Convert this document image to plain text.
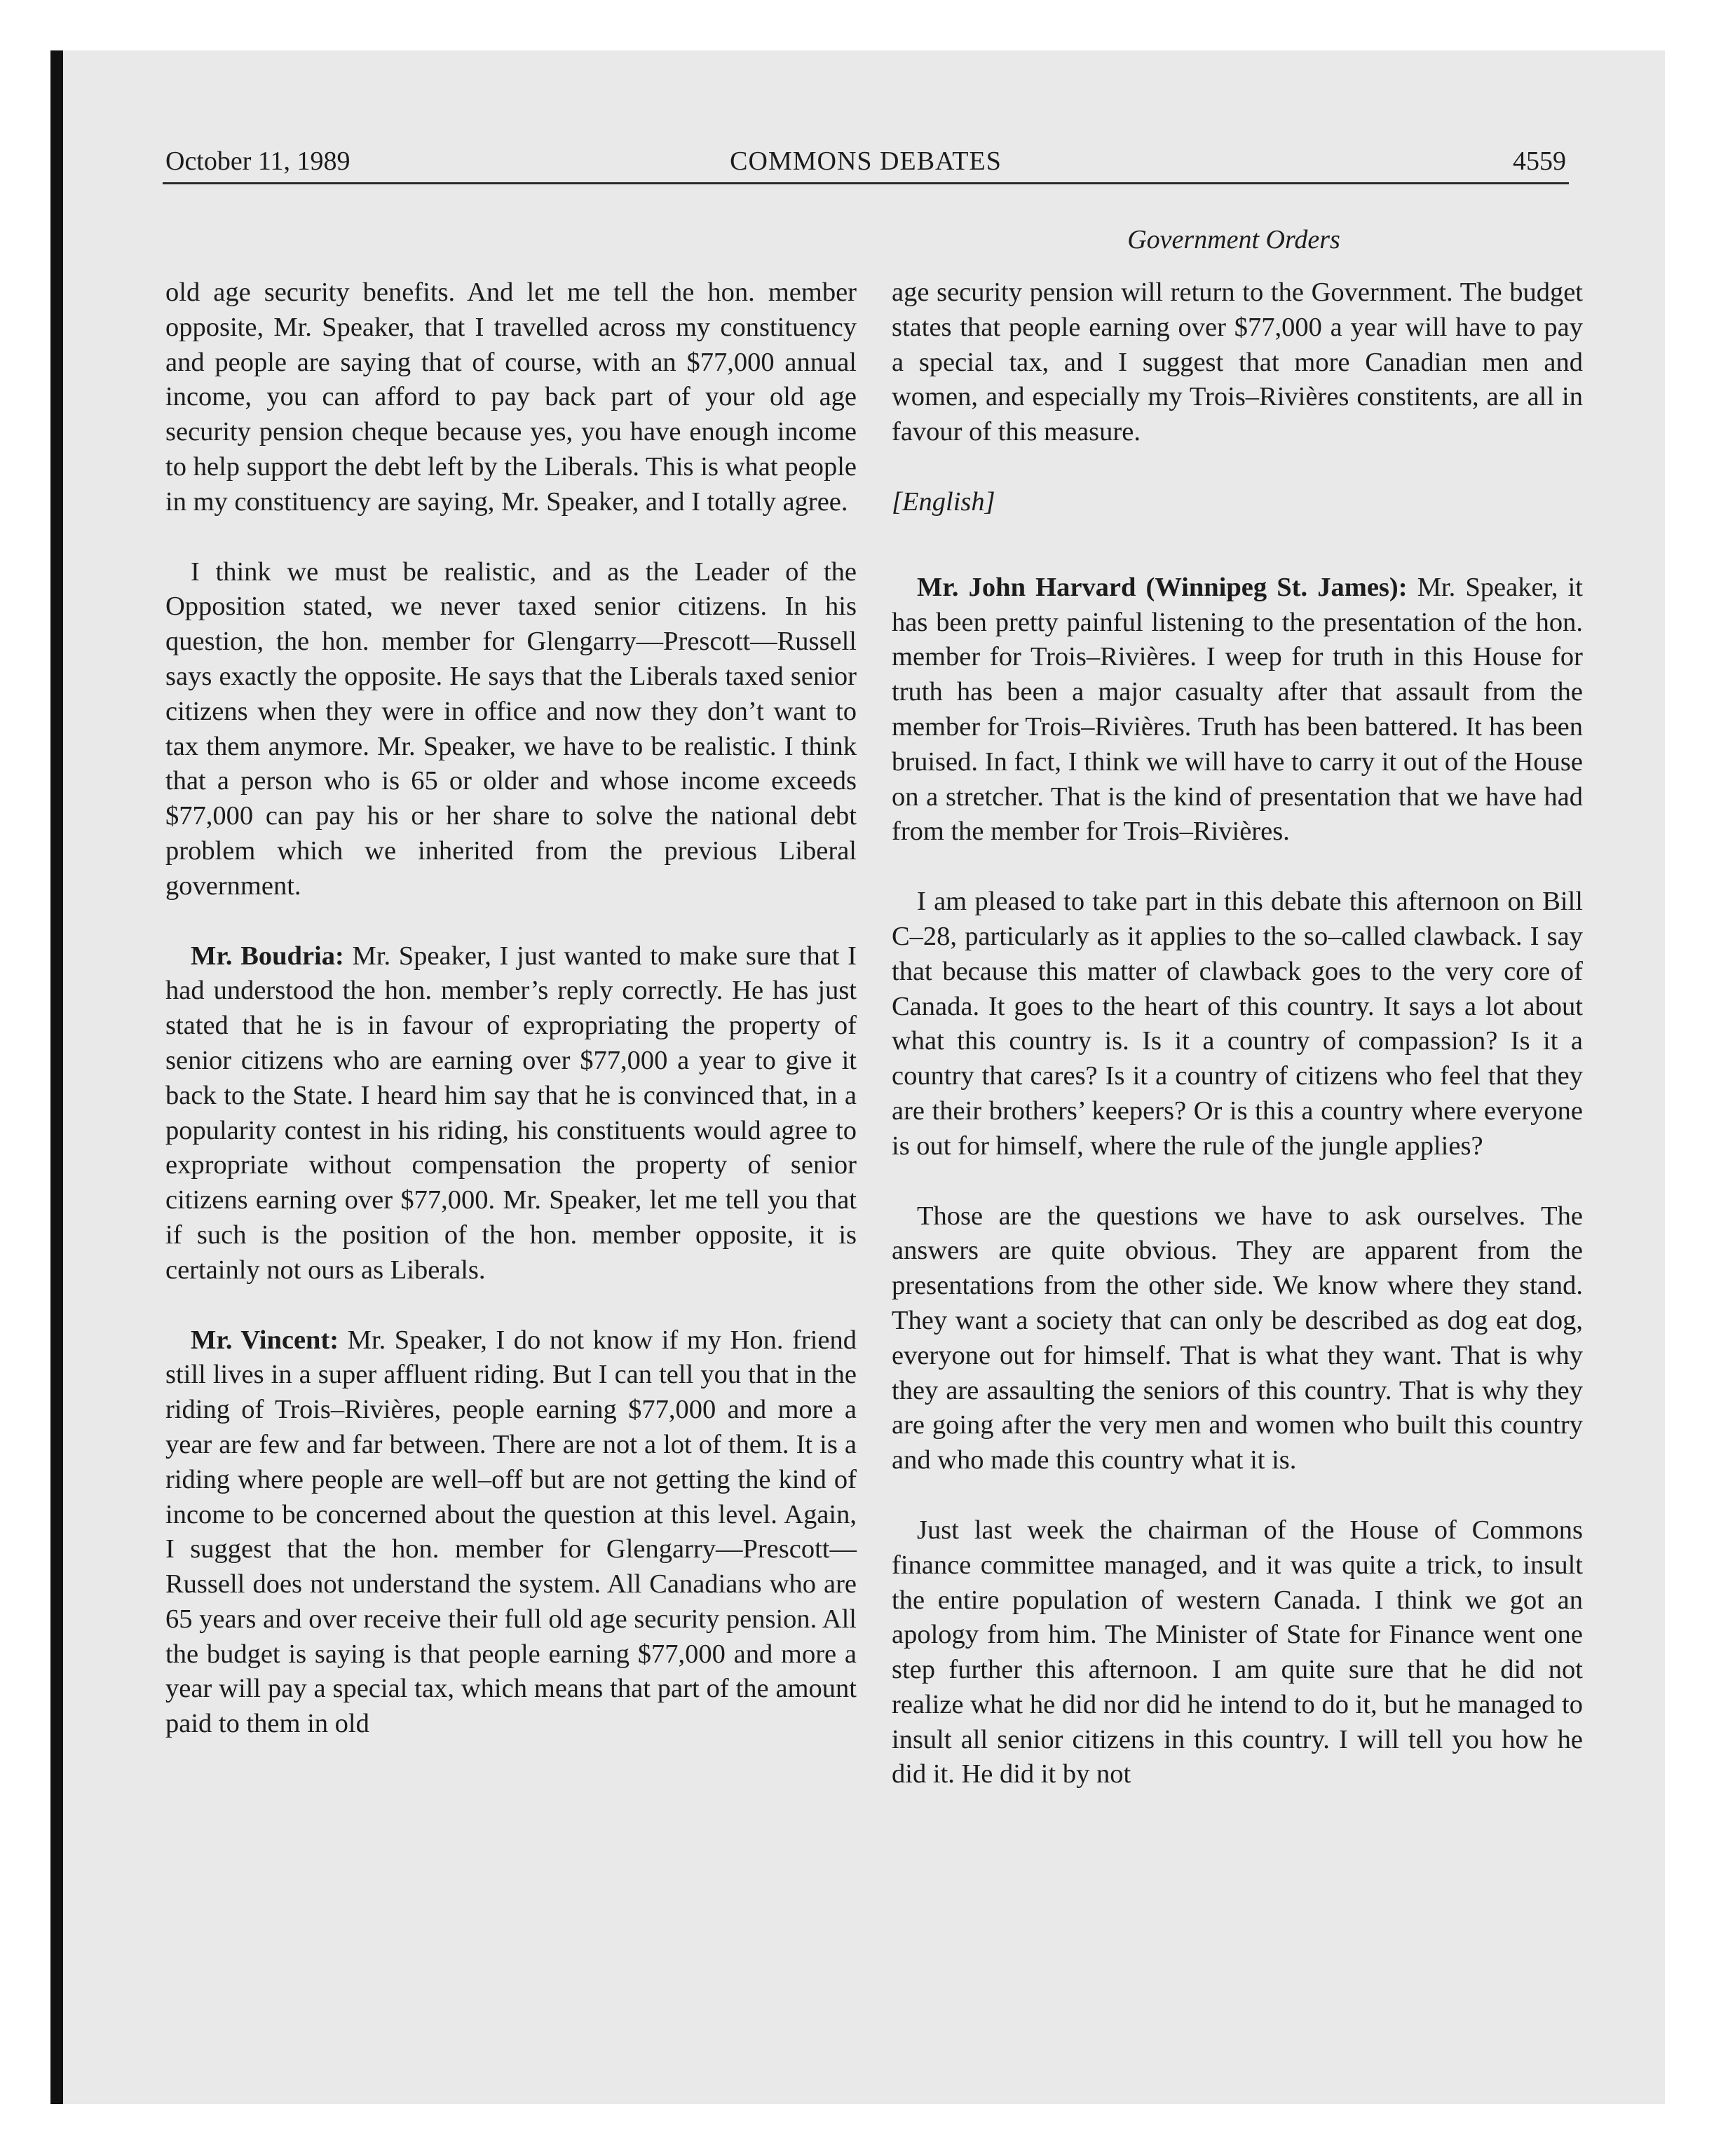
October 11, 1989	COMMONS DEBATES	4559
Government Orders

old age security benefits. And let me tell the hon. member opposite, Mr. Speaker, that I travelled across my constituency and people are saying that of course, with an $77,000 annual income, you can afford to pay back part of your old age security pension cheque because yes, you have enough income to help support the debt left by the Liberals. This is what people in my constituency are saying, Mr. Speaker, and I totally agree.

I think we must be realistic, and as the Leader of the Opposition stated, we never taxed senior citizens. In his question, the hon. member for Glengarry—Prescott—Russell says exactly the opposite. He says that the Liberals taxed senior citizens when they were in office and now they don’t want to tax them anymore. Mr. Speaker, we have to be realistic. I think that a person who is 65 or older and whose income exceeds $77,000 can pay his or her share to solve the national debt problem which we inherited from the previous Liberal government.

Mr. Boudria: Mr. Speaker, I just wanted to make sure that I had understood the hon. member’s reply correctly. He has just stated that he is in favour of expropriating the property of senior citizens who are earning over $77,000 a year to give it back to the State. I heard him say that he is convinced that, in a popularity contest in his riding, his constituents would agree to expropriate without compensation the property of senior citizens earning over $77,000. Mr. Speaker, let me tell you that if such is the position of the hon. member opposite, it is certainly not ours as Liberals.

Mr. Vincent: Mr. Speaker, I do not know if my Hon. friend still lives in a super affluent riding. But I can tell you that in the riding of Trois–Rivières, people earning $77,000 and more a year are few and far between. There are not a lot of them. It is a riding where people are well–off but are not getting the kind of income to be concerned about the question at this level. Again, I suggest that the hon. member for Glengarry—Prescott—Russell does not understand the system. All Canadians who are 65 years and over receive their full old age security pension. All the budget is saying is that people earning $77,000 and more a year will pay a special tax, which means that part of the amount paid to them in old

age security pension will return to the Government. The budget states that people earning over $77,000 a year will have to pay a special tax, and I suggest that more Canadian men and women, and especially my Trois–Rivières constitents, are all in favour of this measure.

[English]

Mr. John Harvard (Winnipeg St. James): Mr. Speaker, it has been pretty painful listening to the presentation of the hon. member for Trois–Rivières. I weep for truth in this House for truth has been a major casualty after that assault from the member for Trois–Rivières. Truth has been battered. It has been bruised. In fact, I think we will have to carry it out of the House on a stretcher. That is the kind of presentation that we have had from the member for Trois–Rivières.

I am pleased to take part in this debate this afternoon on Bill C–28, particularly as it applies to the so–called clawback. I say that because this matter of clawback goes to the very core of Canada. It goes to the heart of this country. It says a lot about what this country is. Is it a country of compassion? Is it a country that cares? Is it a country of citizens who feel that they are their brothers’ keepers? Or is this a country where everyone is out for himself, where the rule of the jungle applies?

Those are the questions we have to ask ourselves. The answers are quite obvious. They are apparent from the presentations from the other side. We know where they stand. They want a society that can only be described as dog eat dog, everyone out for himself. That is what they want. That is why they are assaulting the seniors of this country. That is why they are going after the very men and women who built this country and who made this country what it is.

Just last week the chairman of the House of Commons finance committee managed, and it was quite a trick, to insult the entire population of western Canada. I think we got an apology from him. The Minister of State for Finance went one step further this afternoon. I am quite sure that he did not realize what he did nor did he intend to do it, but he managed to insult all senior citizens in this country. I will tell you how he did it. He did it by not
